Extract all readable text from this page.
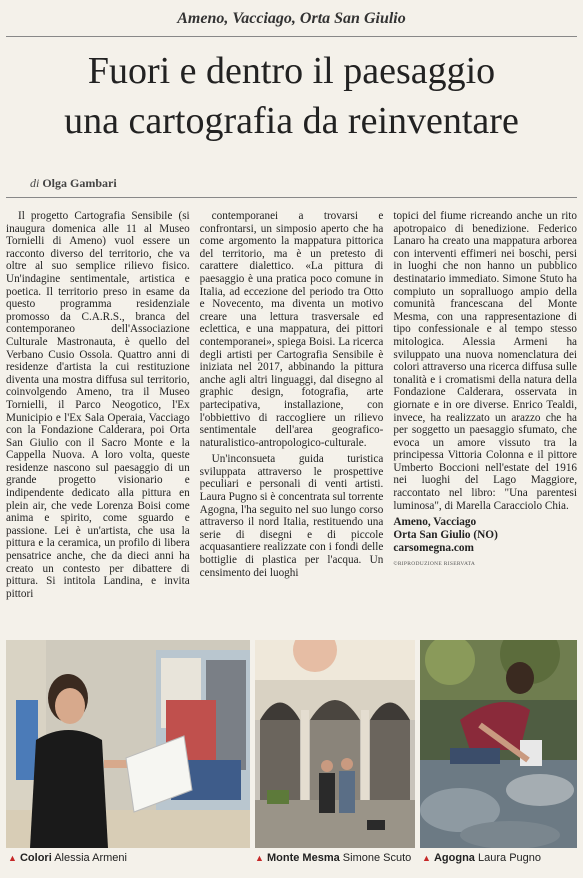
Ameno, Vacciago, Orta San Giulio
Fuori e dentro il paesaggio
una cartografia da reinventare
di Olga Gambari

Il progetto Cartografia Sensibile (si inaugura domenica alle 11 al Museo Tornielli di Ameno) vuol essere un racconto diverso del territorio, che va oltre al suo semplice rilievo fisico. Un'indagine sentimentale, artistica e poetica. Il territorio preso in esame da questo programma residenziale promosso da C.A.R.S., branca del contemporaneo dell'Associazione Culturale Mastronauta, è quello del Verbano Cusio Ossola. Quattro anni di residenze d'artista la cui restituzione diventa una mostra diffusa sul territorio, coinvolgendo Ameno, tra il Museo Tornielli, il Parco Neogotico, l'Ex Municipio e l'Ex Sala Operaia, Vacciago con la Fondazione Calderara, poi Orta San Giulio con il Sacro Monte e la Cappella Nuova. A loro volta, queste residenze nascono sul paesaggio di un grande progetto visionario e indipendente dedicato alla pittura en plein air, che vede Lorenza Boisi come anima e spirito, come sguardo e passione. Lei è un'artista, che usa la pittura e la ceramica, un profilo di libera pensatrice anche, che da dieci anni ha creato un contesto per dibattere di pittura. Si intitola Landina, e invita pittori

contemporanei a trovarsi e confrontarsi, un simposio aperto che ha come argomento la mappatura pittorica del territorio, ma è un pretesto di carattere dialettico. «La pittura di paesaggio è una pratica poco comune in Italia, ad eccezione del periodo tra Otto e Novecento, ma diventa un motivo creare una lettura trasversale ed eclettica, e una mappatura, dei pittori contemporanei», spiega Boisi. La ricerca degli artisti per Cartografia Sensibile è iniziata nel 2017, abbinando la pittura anche agli altri linguaggi, dal disegno al graphic design, fotografia, arte partecipativa, installazione, con l'obbiettivo di raccogliere un rilievo sentimentale dell'area geografico-naturalistico-antropologico-culturale.

Un'inconsueta guida turistica sviluppata attraverso le prospettive peculiari e personali di venti artisti. Laura Pugno si è concentrata sul torrente Agogna, l'ha seguito nel suo lungo corso attraverso il nord Italia, restituendo una serie di disegni e di piccole acquasantiere realizzate con i fondi delle bottiglie di plastica per l'acqua. Un censimento dei luoghi

topici del fiume ricreando anche un rito apotropaico di benedizione. Federico Lanaro ha creato una mappatura arborea con interventi effimeri nei boschi, persi in luoghi che non hanno un pubblico destinatario immediato. Simone Stuto ha compiuto un sopralluogo ampio della comunità francescana del Monte Mesma, con una rappresentazione di tipo confessionale e al tempo stesso mitologica. Alessia Armeni ha sviluppato una nuova nomenclatura dei colori attraverso una ricerca diffusa sulle tonalità e i cromatismi della natura della Fondazione Calderara, osservata in giornate e in ore diverse. Enrico Tealdi, invece, ha realizzato un arazzo che ha per soggetto un paesaggio sfumato, che evoca un amore vissuto tra la principessa Vittoria Colonna e il pittore Umberto Boccioni nell'estate del 1916 nei luoghi del Lago Maggiore, raccontato nel libro: "Una parentesi luminosa", di Marella Caracciolo Chia.

Ameno, Vacciago
Orta San Giulio (NO)
carsomegna.com
©RIPRODUZIONE RISERVATA
▲ Colori Alessia Armeni	▲ Monte Mesma Simone Scuto ▲ Agogna Laura Pugno
